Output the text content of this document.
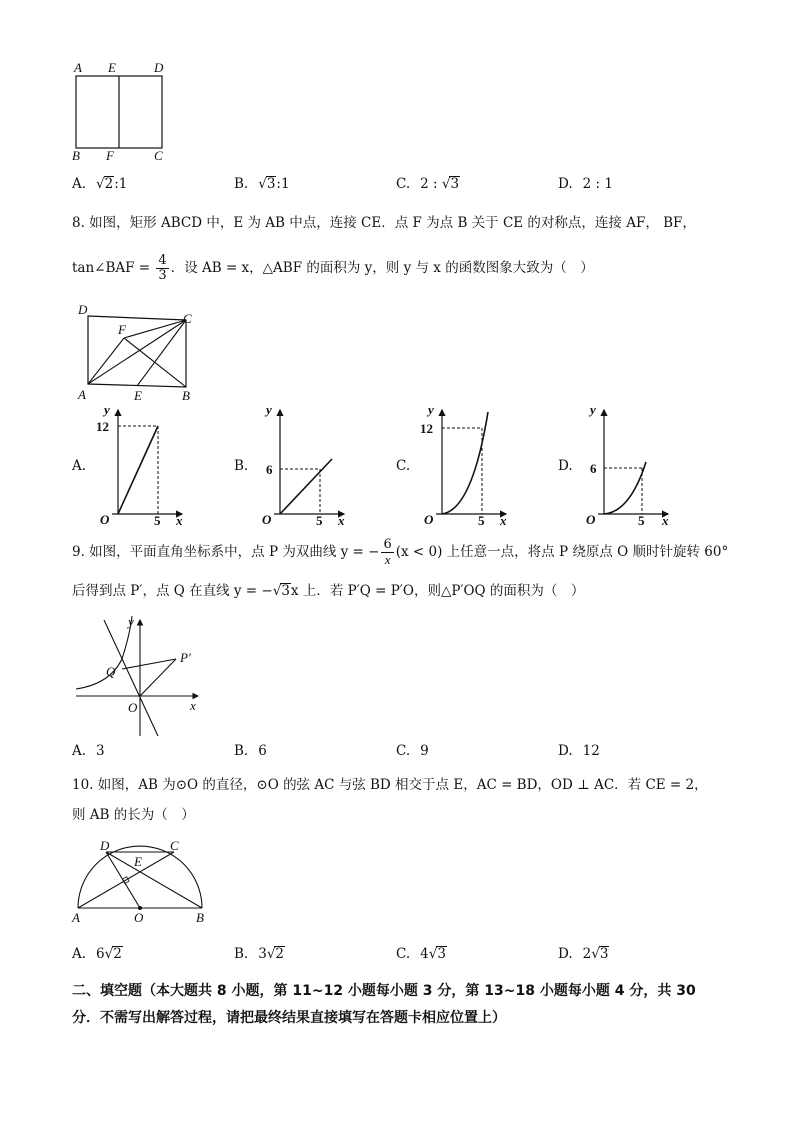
A E	D
B F	C
A. √2:1	B. √3:1	C. 2 : √3	D. 2 : 1
8. 如图，矩形 ABCD 中，E 为 AB 中点，连接 CE．点 F 为点 B 关于 CE 的对称点，连接 AF， BF，
tan∠BAF = $\frac{4}{3}$ ．设 AB = x，△ABF 的面积为 y，则 y 与 x 的函数图象大致为（　）
D
F
C
A	E	B
A.
y
12
O	5 x
B.
y
6
O	5 x
C.
y
12
O	5 x
D.
y
6
O	5 x
9. 如图，平面直角坐标系中，点 P 为双曲线 y = − $\frac{6}{x} (x < 0)$ 上任意一点，将点 P 绕原点 O 顺时针旋转 60°
后得到点 P′，点 Q 在直线 y = −√3x 上．若 P′Q = P′O，则△P′OQ 的面积为（　）
y
x
O
Q
P′
A. 3	B. 6	C. 9	D. 12
10. 如图，AB 为⊙O 的直径，⊙O 的弦 AC 与弦 BD 相交于点 E，AC = BD，OD ⊥ AC．若 CE = 2，
则 AB 的长为（　）
D	C
E
A	O	B
A. 6√2	B. 3√2	C. 4√3	D. 2√3
二、填空题（本大题共 8 小题，第 11~12 小题每小题 3 分，第 13~18 小题每小题 4 分，共 30
分．不需写出解答过程，请把最终结果直接填写在答题卡相应位置上）
